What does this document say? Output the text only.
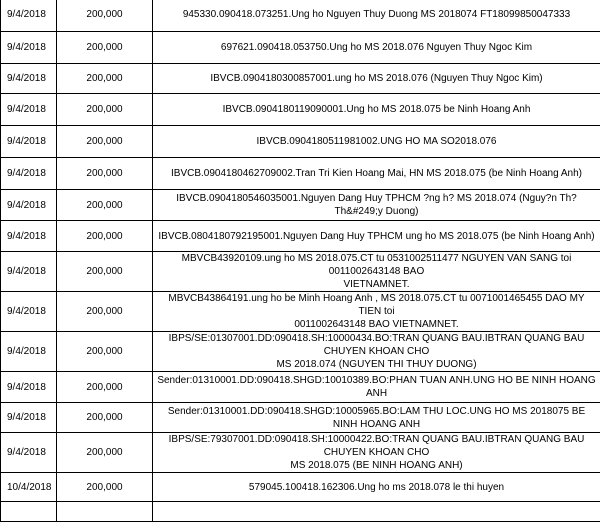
9/4/2018	200,000	945330.090418.073251.Ung ho Nguyen Thuy Duong MS 2018074 FT18099850047333

9/4/2018	200,000	697621.090418.053750.Ung ho MS 2018.076 Nguyen Thuy Ngoc Kim

9/4/2018	200,000	IBVCB.0904180300857001.ung ho MS 2018.076 (Nguyen Thuy Ngoc Kim)

9/4/2018	200,000	IBVCB.0904180119090001.Ung ho MS 2018.075 be Ninh Hoang Anh

9/4/2018	200,000	IBVCB.0904180511981002.UNG HO MA SO2018.076

9/4/2018	200,000	IBVCB.0904180462709002.Tran Tri Kien Hoang Mai, HN MS 2018.075 (be Ninh Hoang Anh)

9/4/2018	200,000	IBVCB.0904180546035001.Nguyen Dang Huy TPHCM ?ng h? MS 2018.074 (Nguy?n Th? Th&#249;y Duong)

9/4/2018	200,000	IBVCB.0804180792195001.Nguyen Dang Huy TPHCM ung ho MS 2018.075 (be Ninh Hoang Anh)

9/4/2018	200,000	MBVCB43920109.ung ho MS 2018.075.CT tu 0531002511477 NGUYEN VAN SANG toi 0011002643148 BAO
VIETNAMNET.

9/4/2018	200,000	MBVCB43864191.ung ho be Minh Hoang Anh , MS 2018.075.CT tu 0071001465455 DAO MY TIEN toi
0011002643148 BAO VIETNAMNET.

9/4/2018	200,000	IBPS/SE:01307001.DD:090418.SH:10000434.BO:TRAN QUANG BAU.IBTRAN QUANG BAU CHUYEN KHOAN CHO
MS 2018.074 (NGUYEN THI THUY DUONG)

9/4/2018	200,000	Sender:01310001.DD:090418.SHGD:10010389.BO:PHAN TUAN ANH.UNG HO BE NINH HOANG ANH

9/4/2018	200,000	Sender:01310001.DD:090418.SHGD:10005965.BO:LAM THU LOC.UNG HO MS 2018075 BE NINH HOANG ANH

9/4/2018	200,000	IBPS/SE:79307001.DD:090418.SH:10000422.BO:TRAN QUANG BAU.IBTRAN QUANG BAU CHUYEN KHOAN CHO
MS 2018.075 (BE NINH HOANG ANH)

10/4/2018	200,000	579045.100418.162306.Ung ho ms 2018.078 le thi huyen
